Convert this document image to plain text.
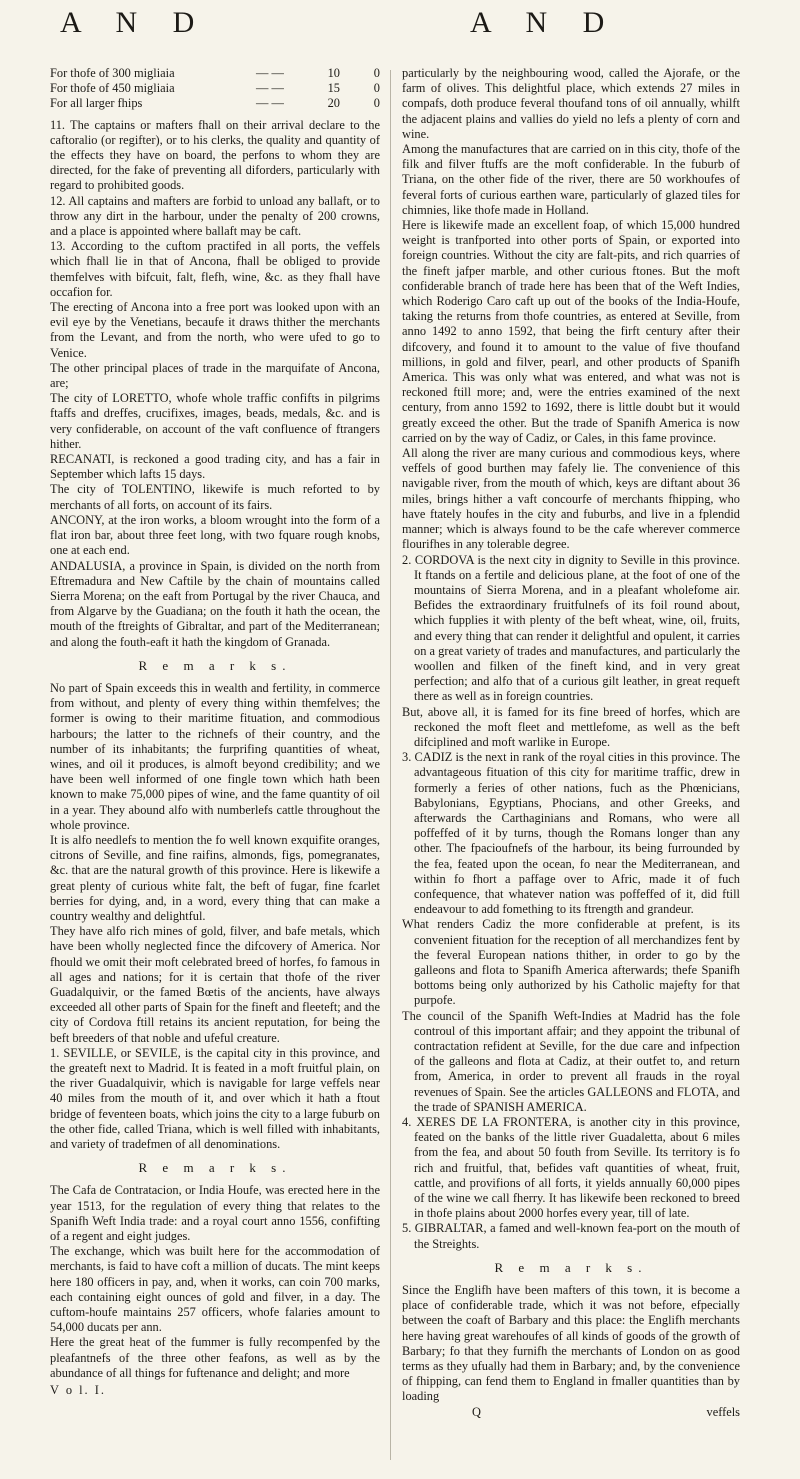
A N D	A N D
For thofe of 300 migliaia	— —	10	0
For thofe of 450 migliaia	— —	15	0
For all larger fhips	— —	20	0

11. The captains or mafters fhall on their arrival declare to the caftoralio (or regifter), or to his clerks, the quality and quantity of the effects they have on board, the perfons to whom they are directed, for the fake of preventing all diforders, particularly with regard to prohibited goods.

12. All captains and mafters are forbid to unload any ballaft, or to throw any dirt in the harbour, under the penalty of 200 crowns, and a place is appointed where ballaft may be caft.

13. According to the cuftom practifed in all ports, the veffels which fhall lie in that of Ancona, fhall be obliged to provide themfelves with bifcuit, falt, flefh, wine, &c. as they fhall have occafion for.

The erecting of Ancona into a free port was looked upon with an evil eye by the Venetians, becaufe it draws thither the merchants from the Levant, and from the north, who were ufed to go to Venice.

The other principal places of trade in the marquifate of Ancona, are;

The city of LORETTO, whofe whole traffic confifts in pilgrims ftaffs and dreffes, crucifixes, images, beads, medals, &c. and is very confiderable, on account of the vaft confluence of ftrangers hither.

RECANATI, is reckoned a good trading city, and has a fair in September which lafts 15 days.

The city of TOLENTINO, likewife is much reforted to by merchants of all forts, on account of its fairs.

ANCONY, at the iron works, a bloom wrought into the form of a flat iron bar, about three feet long, with two fquare rough knobs, one at each end.

ANDALUSIA, a province in Spain, is divided on the north from Eftremadura and New Caftile by the chain of mountains called Sierra Morena; on the eaft from Portugal by the river Chauca, and from Algarve by the Guadiana; on the fouth it hath the ocean, the mouth of the ftreights of Gibraltar, and part of the Mediterranean; and along the fouth-eaft it hath the kingdom of Granada.

R e m a r k s.

No part of Spain exceeds this in wealth and fertility, in commerce from without, and plenty of every thing within themfelves; the former is owing to their maritime fituation, and commodious harbours; the latter to the richnefs of their country, and the number of its inhabitants; the furprifing quantities of wheat, wines, and oil it produces, is almoft beyond credibility; and we have been well informed of one fingle town which hath been known to make 75,000 pipes of wine, and the fame quantity of oil in a year. They abound alfo with numberlefs cattle throughout the whole province.

It is alfo needlefs to mention the fo well known exquifite oranges, citrons of Seville, and fine raifins, almonds, figs, pomegranates, &c. that are the natural growth of this province. Here is likewife a great plenty of curious white falt, the beft of fugar, fine fcarlet berries for dying, and, in a word, every thing that can make a country wealthy and delightful.

They have alfo rich mines of gold, filver, and bafe metals, which have been wholly neglected fince the difcovery of America. Nor fhould we omit their moft celebrated breed of horfes, fo famous in all ages and nations; for it is certain that thofe of the river Guadalquivir, or the famed Bœtis of the ancients, have always exceeded all other parts of Spain for the fineft and fleeteft; and the city of Cordova ftill retains its ancient reputation, for being the beft breeders of that noble and ufeful creature.

1. SEVILLE, or SEVILE, is the capital city in this province, and the greateft next to Madrid. It is feated in a moft fruitful plain, on the river Guadalquivir, which is navigable for large veffels near 40 miles from the mouth of it, and over which it hath a ftout bridge of feventeen boats, which joins the city to a large fuburb on the other fide, called Triana, which is well filled with inhabitants, and variety of tradefmen of all denominations.

R e m a r k s.

The Cafa de Contratacion, or India Houfe, was erected here in the year 1513, for the regulation of every thing that relates to the Spanifh Weft India trade: and a royal court anno 1556, confifting of a regent and eight judges.

The exchange, which was built here for the accommodation of merchants, is faid to have coft a million of ducats. The mint keeps here 180 officers in pay, and, when it works, can coin 700 marks, each containing eight ounces of gold and filver, in a day. The cuftom-houfe maintains 257 officers, whofe falaries amount to 54,000 ducats per ann.

Here the great heat of the fummer is fully recompenfed by the pleafantnefs of the three other feafons, as well as by the abundance of all things for fuftenance and delight; and more

V o l. I.

particularly by the neighbouring wood, called the Ajorafe, or the farm of olives. This delightful place, which extends 27 miles in compafs, doth produce feveral thoufand tons of oil annually, whilft the adjacent plains and vallies do yield no lefs a plenty of corn and wine.

Among the manufactures that are carried on in this city, thofe of the filk and filver ftuffs are the moft confiderable. In the fuburb of Triana, on the other fide of the river, there are 50 workhoufes of feveral forts of curious earthen ware, particularly of glazed tiles for chimnies, like thofe made in Holland.

Here is likewife made an excellent foap, of which 15,000 hundred weight is tranfported into other ports of Spain, or exported into foreign countries. Without the city are falt-pits, and rich quarries of the fineft jafper marble, and other curious ftones. But the moft confiderable branch of trade here has been that of the Weft Indies, which Roderigo Caro caft up out of the books of the India-Houfe, taking the returns from thofe countries, as entered at Seville, from anno 1492 to anno 1592, that being the firft century after their difcovery, and found it to amount to the value of five thoufand millions, in gold and filver, pearl, and other products of Spanifh America. This was only what was entered, and what was not is reckoned ftill more; and, were the entries examined of the next century, from anno 1592 to 1692, there is little doubt but it would greatly exceed the other. But the trade of Spanifh America is now carried on by the way of Cadiz, or Cales, in this fame province.

All along the river are many curious and commodious keys, where veffels of good burthen may fafely lie. The convenience of this navigable river, from the mouth of which, keys are diftant about 36 miles, brings hither a vaft concourfe of merchants fhipping, who have ftately houfes in the city and fuburbs, and live in a fplendid manner; which is always found to be the cafe wherever commerce flourifhes in any tolerable degree.

2. CORDOVA is the next city in dignity to Seville in this province. It ftands on a fertile and delicious plane, at the foot of one of the mountains of Sierra Morena, and in a pleafant wholefome air. Befides the extraordinary fruitfulnefs of its foil round about, which fupplies it with plenty of the beft wheat, wine, oil, fruits, and every thing that can render it delightful and opulent, it carries on a great variety of trades and manufactures, and particularly the woollen and filken of the fineft kind, and in very great perfection; and alfo that of a curious gilt leather, in great requeft there as well as in foreign countries.

But, above all, it is famed for its fine breed of horfes, which are reckoned the moft fleet and mettlefome, as well as the beft difciplined and moft warlike in Europe.

3. CADIZ is the next in rank of the royal cities in this province. The advantageous fituation of this city for maritime traffic, drew in formerly a feries of other nations, fuch as the Phœnicians, Babylonians, Egyptians, Phocians, and other Greeks, and afterwards the Carthaginians and Romans, who were all poffeffed of it by turns, though the Romans longer than any other. The fpacioufnefs of the harbour, its being furrounded by the fea, feated upon the ocean, fo near the Mediterranean, and within fo fhort a paffage over to Afric, made it of fuch confequence, that whatever nation was poffeffed of it, did ftill endeavour to add fomething to its ftrength and grandeur.

What renders Cadiz the more confiderable at prefent, is its convenient fituation for the reception of all merchandizes fent by the feveral European nations thither, in order to go by the galleons and flota to Spanifh America afterwards; thefe Spanifh bottoms being only authorized by his Catholic majefty for that purpofe.

The council of the Spanifh Weft-Indies at Madrid has the fole controul of this important affair; and they appoint the tribunal of contractation refident at Seville, for the due care and infpection of the galleons and flota at Cadiz, at their outfet to, and return from, America, in order to prevent all frauds in the royal revenues of Spain. See the articles GALLEONS and FLOTA, and the trade of SPANISH AMERICA.

4. XERES DE LA FRONTERA, is another city in this province, feated on the banks of the little river Guadaletta, about 6 miles from the fea, and about 50 fouth from Seville. Its territory is fo rich and fruitful, that, befides vaft quantities of wheat, fruit, cattle, and provifions of all forts, it yields annually 60,000 pipes of the wine we call fherry. It has likewife been reckoned to breed in thofe plains about 2000 horfes every year, till of late.

5. GIBRALTAR, a famed and well-known fea-port on the mouth of the Streights.

R e m a r k s.

Since the Englifh have been mafters of this town, it is become a place of confiderable trade, which it was not before, efpecially between the coaft of Barbary and this place: the Englifh merchants here having great warehoufes of all kinds of goods of the growth of Barbary; fo that they furnifh the merchants of London on as good terms as they ufually had them in Barbary; and, by the convenience of fhipping, can fend them to England in fmaller quantities than by loading

Q	veffels
